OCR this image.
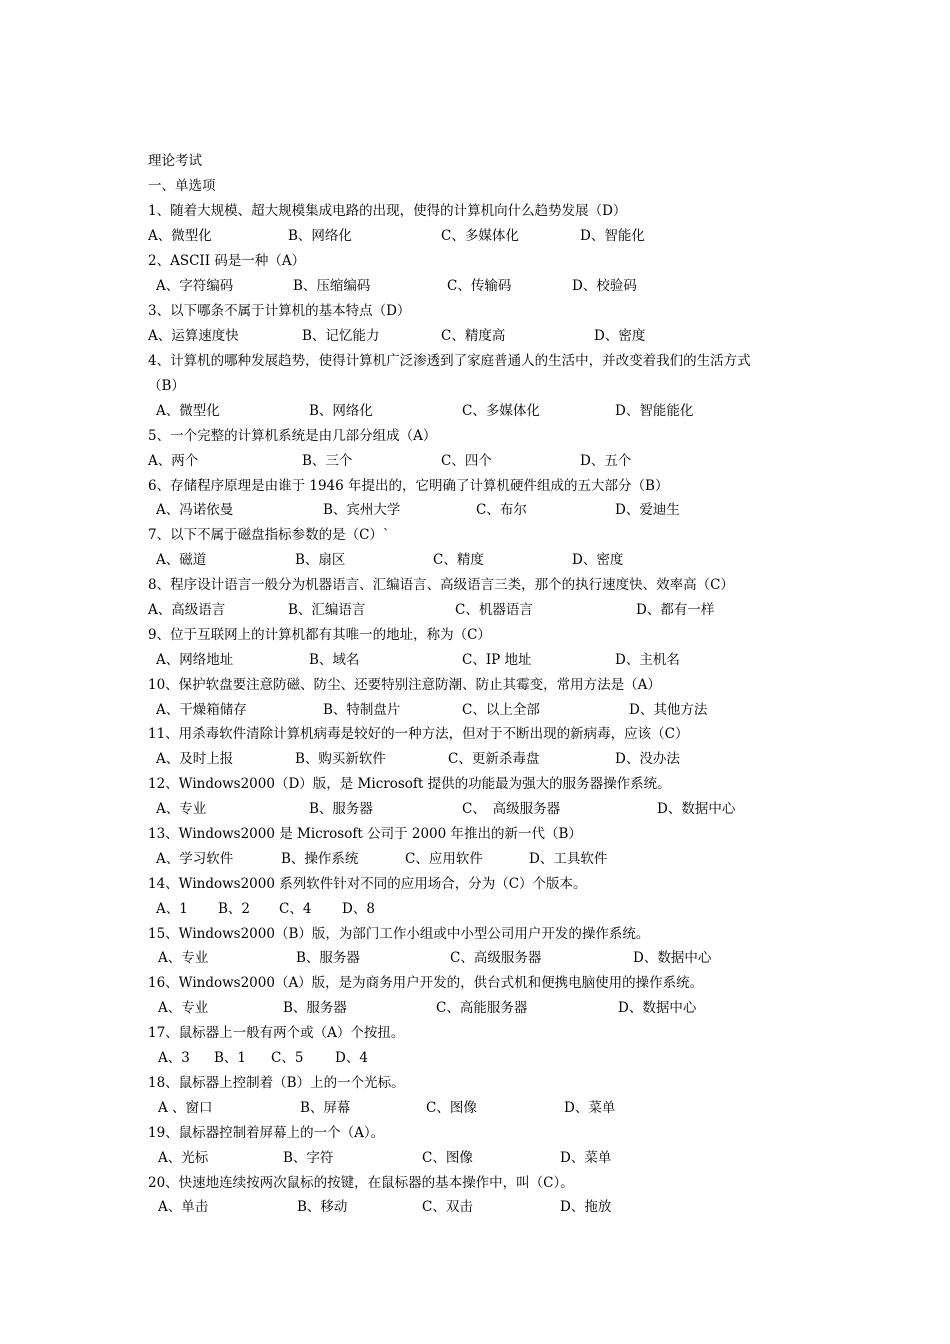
理论考试
一、单选项
1、随着大规模、超大规模集成电路的出现，使得的计算机向什么趋势发展（D）
A、微型化	B、网络化	C、多媒体化	D、智能化
2、ASCII 码是一种（A）
A、字符编码	B、压缩编码	C、传输码	D、校验码
3、以下哪条不属于计算机的基本特点（D）
A、运算速度快	B、记忆能力	C、精度高	D、密度
4、计算机的哪种发展趋势，使得计算机广泛渗透到了家庭普通人的生活中，并改变着我们的生活方式
（B）
A、微型化	B、网络化	C、多媒体化	D、智能能化
5、一个完整的计算机系统是由几部分组成（A）
A、两个	B、三个	C、四个	D、五个
6、存储程序原理是由谁于 1946 年提出的，它明确了计算机硬件组成的五大部分（B）
A、冯诺依曼	B、宾州大学	C、布尔	D、爱迪生
7、以下不属于磁盘指标参数的是（C）`
A、磁道	B、扇区	C、精度	D、密度
8、程序设计语言一般分为机器语言、汇编语言、高级语言三类，那个的执行速度快、效率高（C）
A、高级语言	B、汇编语言	C、机器语言	D、都有一样
9、位于互联网上的计算机都有其唯一的地址，称为（C）
A、网络地址	B、域名	C、IP 地址	D、主机名
10、保护软盘要注意防磁、防尘、还要特别注意防潮、防止其霉变，常用方法是（A）
A、干燥箱储存	B、特制盘片	C、以上全部	D、其他方法
11、用杀毒软件清除计算机病毒是较好的一种方法，但对于不断出现的新病毒，应该（C）
A、及时上报	B、购买新软件	C、更新杀毒盘	D、没办法
12、Windows2000（D）版，是 Microsoft 提供的功能最为强大的服务器操作系统。
A、专业	B、服务器	C、　高级服务器	D、数据中心
13、Windows2000 是 Microsoft 公司于 2000 年推出的新一代（B）
A、学习软件	B、操作系统	C、应用软件	D、工具软件
14、Windows2000 系列软件针对不同的应用场合，分为（C）个版本。
A、1 B、2 C、4 D、8
15、Windows2000（B）版，为部门工作小组或中小型公司用户开发的操作系统。
A、专业	B、服务器	C、高级服务器	D、数据中心
16、Windows2000（A）版，是为商务用户开发的，供台式机和便携电脑使用的操作系统。
A、专业	B、服务器	C、高能服务器	D、数据中心
17、鼠标器上一般有两个或（A）个按扭。
A、3 B、1 C、5 D、4
18、鼠标器上控制着（B）上的一个光标。
A 、窗口	B、屏幕	C、图像	D、菜单
19、鼠标器控制着屏幕上的一个（A）。
A、光标	B、字符	C、图像	D、菜单
20、快速地连续按两次鼠标的按键，在鼠标器的基本操作中，叫（C）。
A、单击	B、移动	C、双击	D、拖放
